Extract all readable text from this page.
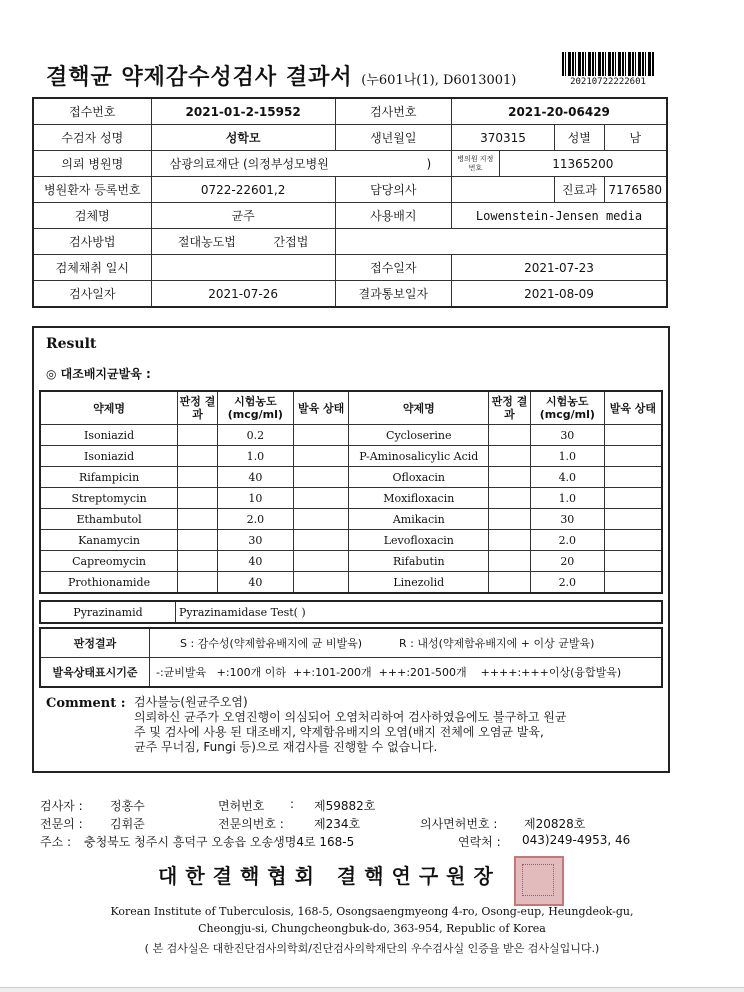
결핵균 약제감수성검사 결과서 (누601나(1), D6013001)	20210722222601
접수번호	2021-01-2-15952	검사번호	2021-20-06429			
수검자 성명	성학모	생년월일	370315		성별	남
의뢰 병원명	삼광의료재단 (의정부성모병원 )		병의원 지정번호	11365200		
병원환자 등록번호	0722-22601,2	담당의사			진료과	7176580
검체명	균주	사용배지	Lowenstein-Jensen media			
검사방법	절대농도법 간접법					
검체채취 일시		접수일자	2021-07-23			
검사일자	2021-07-26	결과통보일자	2021-08-09			
Result
◎ 대조배지균발육 :
약제명	판정 결과	시험농도 (mcg/ml)	발육 상태	약제명	판정 결과	시험농도 (mcg/ml)	발육 상태
Isoniazid		0.2		Cycloserine		30	
Isoniazid		1.0		P-Aminosalicylic Acid		1.0	
Rifampicin		40		Ofloxacin		4.0	
Streptomycin		10		Moxifloxacin		1.0	
Ethambutol		2.0		Amikacin		30	
Kanamycin		30		Levofloxacin		2.0	
Capreomycin		40		Rifabutin		20	
Prothionamide		40		Linezolid		2.0	
Pyrazinamid	Pyrazinamidase Test( )
판정결과	S : 감수성(약제함유배지에 균 비발육) R : 내성(약제함유배지에 + 이상 균발육)
발육상태표시기준	-:균비발육   +:100개 이하  ++:101-200개  +++:201-500개    ++++:+++이상(융합발육)
Comment : 검사불능(원균주오염)
의뢰하신 균주가 오염진행이 의심되어 오염처리하여 검사하였음에도 불구하고 원균
주 및 검사에 사용 된 대조배지, 약제함유배지의 오염(배지 전체에 오염균 발육,
균주 무너짐, Fungi 등)으로 재검사를 진행할 수 없습니다.
검사자 : 정홍수	면허번호 : 제59882호
전문의 : 김휘준	전문의번호 :	제234호	의사면허번호 : 제20828호
주소 : 충청북도 청주시 흥덕구 오송읍 오송생명4로 168-5	연락처 : 043)249-4953, 46
대한결핵협회 결핵연구원장
Korean Institute of Tuberculosis, 168-5, Osongsaengmyeong 4-ro, Osong-eup, Heungdeok-gu,
Cheongju-si, Chungcheongbuk-do, 363-954, Republic of Korea
( 본 검사실은 대한진단검사의학회/진단검사의학재단의 우수검사실 인증을 받은 검사실입니다.)
